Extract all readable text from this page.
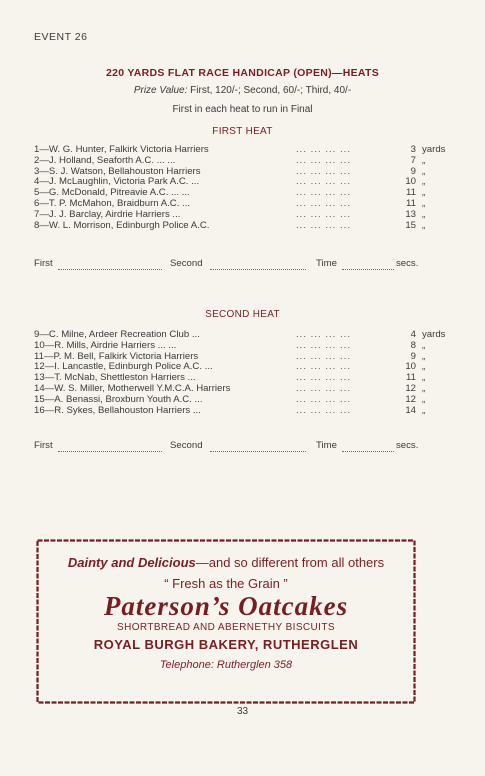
EVENT 26
220 YARDS FLAT RACE HANDICAP (OPEN)—HEATS
Prize Value: First, 120/-; Second, 60/-; Third, 40/-
First in each heat to run in Final
FIRST HEAT
1—W. G. Hunter, Falkirk Victoria Harriers	... ... ... ...	3 yards
2—J. Holland, Seaforth A.C. ... ...	... ... ... ...	7 „
3—S. J. Watson, Bellahouston Harriers	... ... ... ...	9 „
4—J. McLaughlin, Victoria Park A.C. ...	... ... ... ...	10 „
5—G. McDonald, Pitreavie A.C. ... ...	... ... ... ...	11 „
6—T. P. McMahon, Braidburn A.C. ...	... ... ... ...	11 „
7—J. J. Barclay, Airdrie Harriers ...	... ... ... ...	13 „
8—W. L. Morrison, Edinburgh Police A.C.	... ... ... ...	15 „
First	Second	Time	secs.
SECOND HEAT
9—C. Milne, Ardeer Recreation Club ...	... ... ... ...	4 yards
10—R. Mills, Airdrie Harriers ... ...	... ... ... ...	8 „
11—P. M. Bell, Falkirk Victoria Harriers	... ... ... ...	9 „
12—I. Lancastle, Edinburgh Police A.C. ...	... ... ... ...	10 „
13—T. McNab, Shettleston Harriers ...	... ... ... ...	11 „
14—W. S. Miller, Motherwell Y.M.C.A. Harriers	... ... ... ...	12 „
15—A. Benassi, Broxburn Youth A.C. ...	... ... ... ...	12 „
16—R. Sykes, Bellahouston Harriers ...	... ... ... ...	14 „
First	Second	Time	secs.
Dainty and Delicious—and so different from all others
“ Fresh as the Grain ”
Paterson’s Oatcakes
SHORTBREAD AND ABERNETHY BISCUITS
ROYAL BURGH BAKERY, RUTHERGLEN
Telephone: Rutherglen 358
33
